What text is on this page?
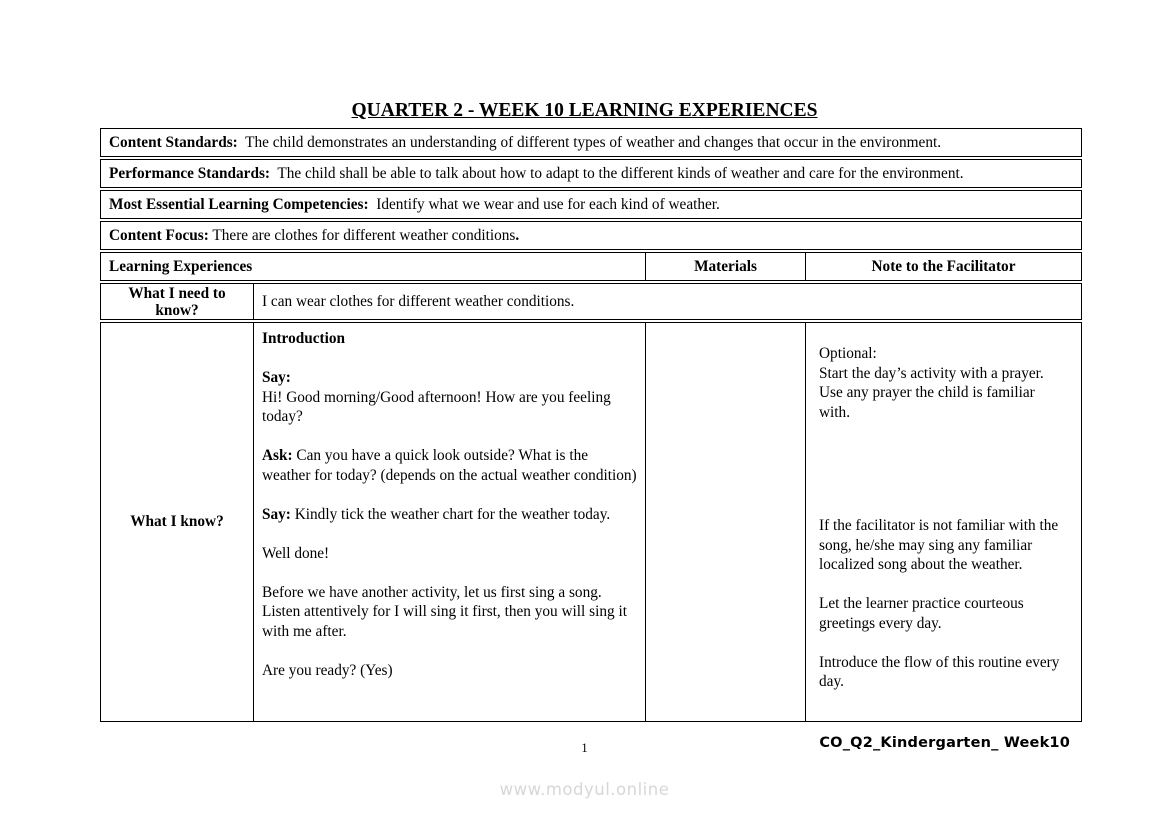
QUARTER 2 - WEEK 10 LEARNING EXPERIENCES
Content Standards:  The child demonstrates an understanding of different types of weather and changes that occur in the environment.
Performance Standards:  The child shall be able to talk about how to adapt to the different kinds of weather and care for the environment.
Most Essential Learning Competencies:  Identify what we wear and use for each kind of weather.
Content Focus: There are clothes for different weather conditions.
Learning Experiences	Materials	Note to the Facilitator
What I need to know?
I can wear clothes for different weather conditions.
What I know?
Introduction
Say:
Hi! Good morning/Good afternoon! How are you feeling today?
Ask: Can you have a quick look outside? What is the weather for today? (depends on the actual weather condition)
Say: Kindly tick the weather chart for the weather today.
Well done!
Before we have another activity, let us first sing a song. Listen attentively for I will sing it first, then you will sing it with me after.
Are you ready? (Yes)
Optional:
Start the day’s activity with a prayer. Use any prayer the child is familiar with.
If the facilitator is not familiar with the song, he/she may sing any familiar localized song about the weather.
Let the learner practice courteous greetings every day.
Introduce the flow of this routine every day.
CO_Q2_Kindergarten_ Week10
1
www.modyul.online
